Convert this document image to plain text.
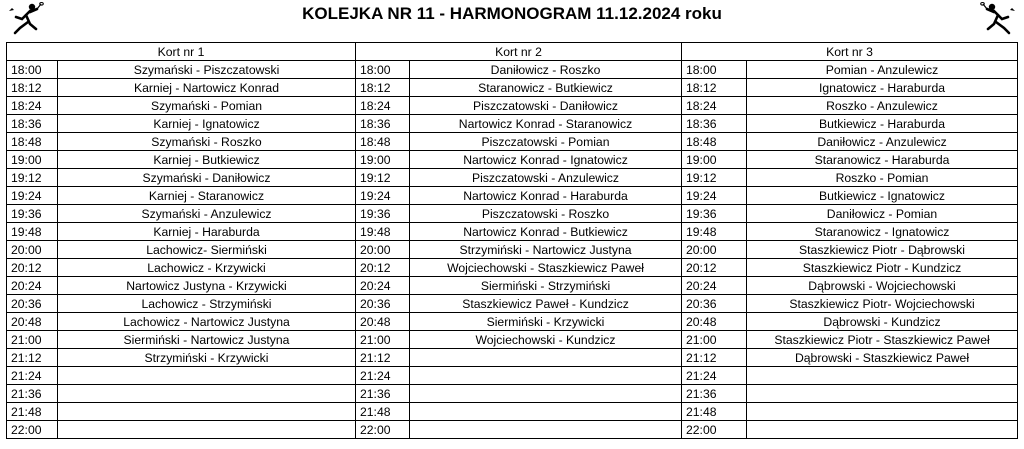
KOLEJKA NR 11 - HARMONOGRAM 11.12.2024 roku
Kort nr 1		Kort nr 2		Kort nr 3	
18:00	Szymański - Piszczatowski	18:00	Daniłowicz - Roszko	18:00	Pomian - Anzulewicz
18:12	Karniej - Nartowicz Konrad	18:12	Staranowicz - Butkiewicz	18:12	Ignatowicz - Haraburda
18:24	Szymański - Pomian	18:24	Piszczatowski - Daniłowicz	18:24	Roszko - Anzulewicz
18:36	Karniej - Ignatowicz	18:36	Nartowicz Konrad - Staranowicz	18:36	Butkiewicz - Haraburda
18:48	Szymański - Roszko	18:48	Piszczatowski - Pomian	18:48	Daniłowicz - Anzulewicz
19:00	Karniej - Butkiewicz	19:00	Nartowicz Konrad - Ignatowicz	19:00	Staranowicz - Haraburda
19:12	Szymański - Daniłowicz	19:12	Piszczatowski - Anzulewicz	19:12	Roszko - Pomian
19:24	Karniej - Staranowicz	19:24	Nartowicz Konrad - Haraburda	19:24	Butkiewicz - Ignatowicz
19:36	Szymański - Anzulewicz	19:36	Piszczatowski - Roszko	19:36	Daniłowicz - Pomian
19:48	Karniej - Haraburda	19:48	Nartowicz Konrad - Butkiewicz	19:48	Staranowicz - Ignatowicz
20:00	Lachowicz- Siermiński	20:00	Strzymiński - Nartowicz Justyna	20:00	Staszkiewicz Piotr - Dąbrowski
20:12	Lachowicz - Krzywicki	20:12	Wojciechowski - Staszkiewicz Paweł	20:12	Staszkiewicz Piotr - Kundzicz
20:24	Nartowicz Justyna - Krzywicki	20:24	Siermiński - Strzymiński	20:24	Dąbrowski - Wojciechowski
20:36	Lachowicz - Strzymiński	20:36	Staszkiewicz Paweł - Kundzicz	20:36	Staszkiewicz Piotr- Wojciechowski
20:48	Lachowicz - Nartowicz Justyna	20:48	Siermiński - Krzywicki	20:48	Dąbrowski - Kundzicz
21:00	Siermiński - Nartowicz Justyna	21:00	Wojciechowski - Kundzicz	21:00	Staszkiewicz Piotr - Staszkiewicz Paweł
21:12	Strzymiński - Krzywicki	21:12		21:12	Dąbrowski - Staszkiewicz Paweł
21:24		21:24		21:24	
21:36		21:36		21:36	
21:48		21:48		21:48	
22:00		22:00		22:00	
